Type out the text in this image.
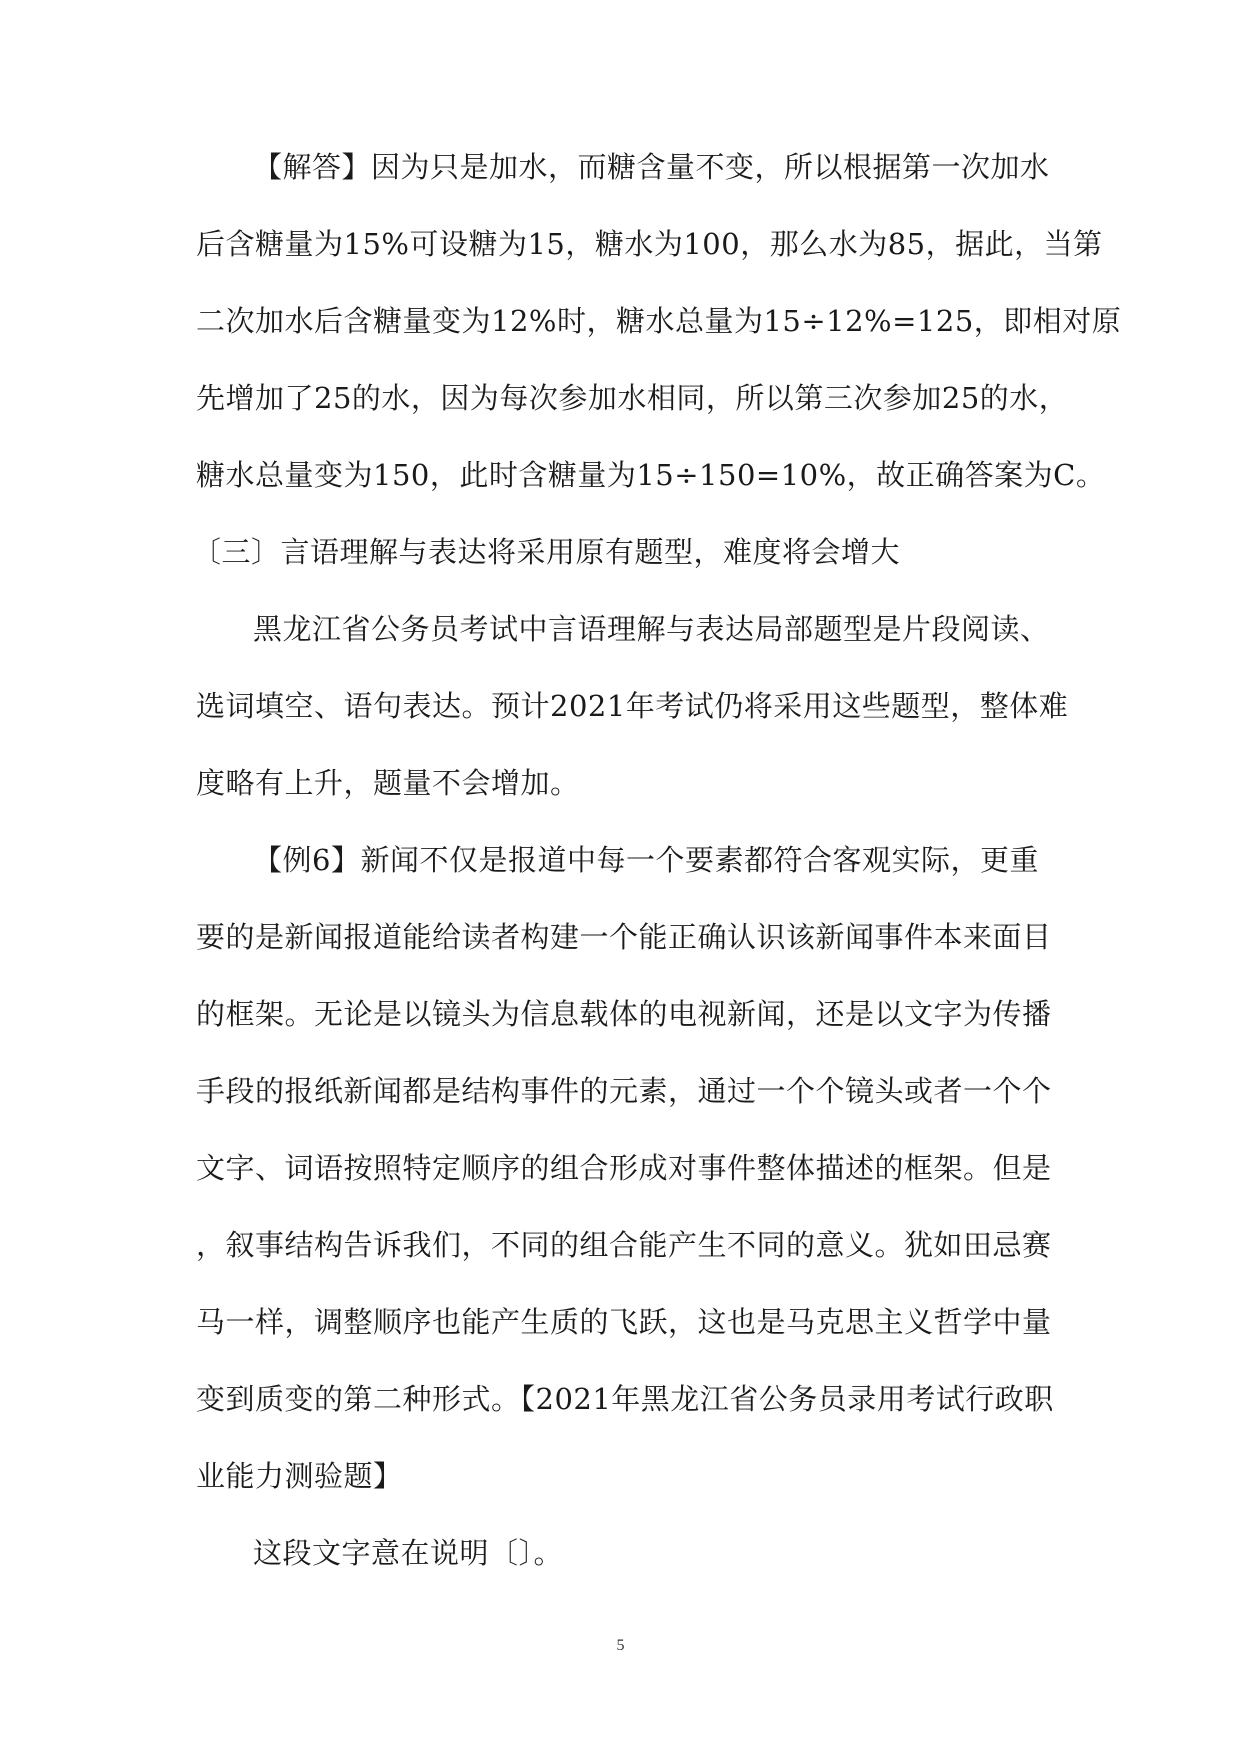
【解答】因为只是加水，而糖含量不变，所以根据第一次加水

后含糖量为15%可设糖为15，糖水为100，那么水为85，据此，当第

二次加水后含糖量变为12%时，糖水总量为15÷12%=125，即相对原

先增加了25的水，因为每次参加水相同，所以第三次参加25的水，

糖水总量变为150，此时含糖量为15÷150=10%，故正确答案为C。

〔三〕言语理解与表达将采用原有题型，难度将会增大

黑龙江省公务员考试中言语理解与表达局部题型是片段阅读、

选词填空、语句表达。预计2021年考试仍将采用这些题型，整体难

度略有上升，题量不会增加。

【例6】新闻不仅是报道中每一个要素都符合客观实际，更重

要的是新闻报道能给读者构建一个能正确认识该新闻事件本来面目

的框架。无论是以镜头为信息载体的电视新闻，还是以文字为传播

手段的报纸新闻都是结构事件的元素，通过一个个镜头或者一个个

文字、词语按照特定顺序的组合形成对事件整体描述的框架。但是

，叙事结构告诉我们，不同的组合能产生不同的意义。犹如田忌赛

马一样，调整顺序也能产生质的飞跃，这也是马克思主义哲学中量

变到质变的第二种形式。【2021年黑龙江省公务员录用考试行政职

业能力测验题】

这段文字意在说明〔〕。

5
